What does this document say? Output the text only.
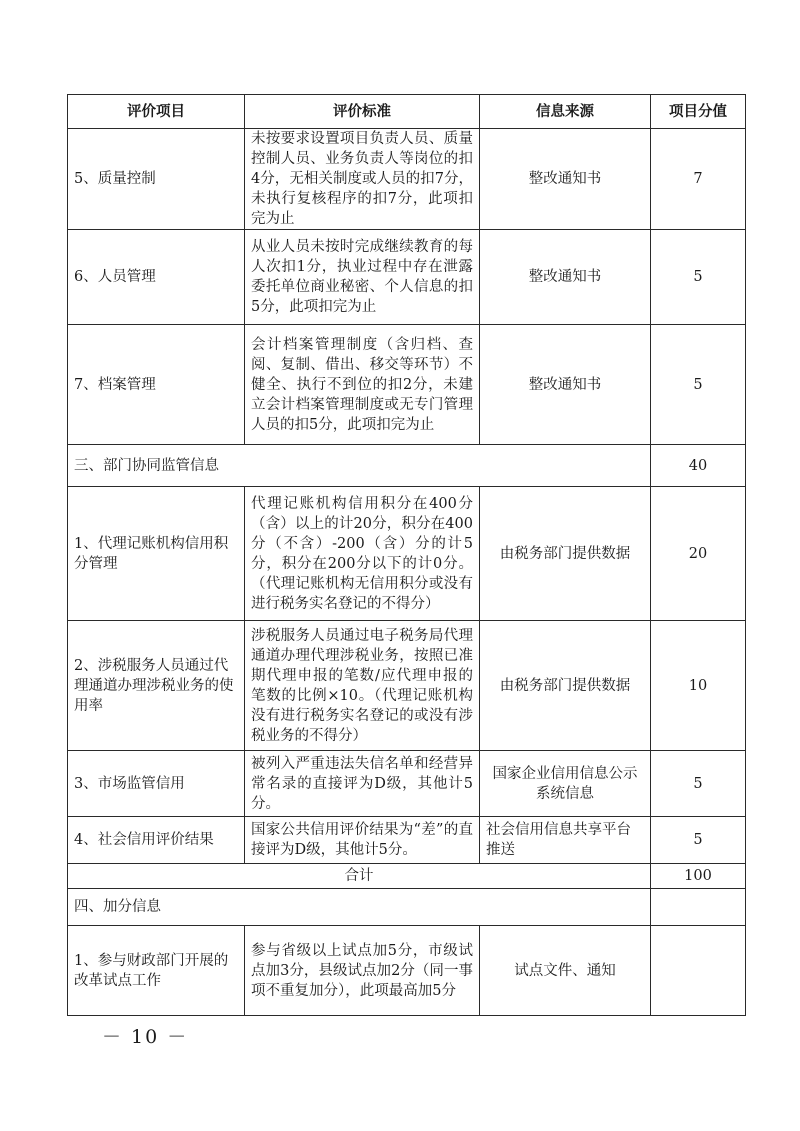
评价项目	评价标准	信息来源	项目分值
5、质量控制	未按要求设置项目负责人员、质量控制人员、业务负责人等岗位的扣4分，无相关制度或人员的扣7分，未执行复核程序的扣7分，此项扣完为止	整改通知书	7
6、人员管理	从业人员未按时完成继续教育的每人次扣1分，执业过程中存在泄露委托单位商业秘密、个人信息的扣5分，此项扣完为止	整改通知书	5
7、档案管理	会计档案管理制度（含归档、查阅、复制、借出、移交等环节）不健全、执行不到位的扣2分，未建立会计档案管理制度或无专门管理人员的扣5分，此项扣完为止	整改通知书	5
三、部门协同监管信息			40
1、代理记账机构信用积分管理	代理记账机构信用积分在400分（含）以上的计20分，积分在400分（不含）-200（含）分的计5分，积分在200分以下的计0分。（代理记账机构无信用积分或没有进行税务实名登记的不得分）	由税务部门提供数据	20
2、涉税服务人员通过代理通道办理涉税业务的使用率	涉税服务人员通过电子税务局代理通道办理代理涉税业务，按照已准期代理申报的笔数/应代理申报的笔数的比例×10。（代理记账机构没有进行税务实名登记的或没有涉税业务的不得分）	由税务部门提供数据	10
3、市场监管信用	被列入严重违法失信名单和经营异常名录的直接评为D级，其他计5分。	国家企业信用信息公示系统信息	5
4、社会信用评价结果	国家公共信用评价结果为“差”的直接评为D级，其他计5分。	社会信用信息共享平台推送	5
合计			100
四、加分信息			
1、参与财政部门开展的改革试点工作	参与省级以上试点加5分，市级试点加3分，县级试点加2分（同一事项不重复加分），此项最高加5分	试点文件、通知	
－ 10 －
